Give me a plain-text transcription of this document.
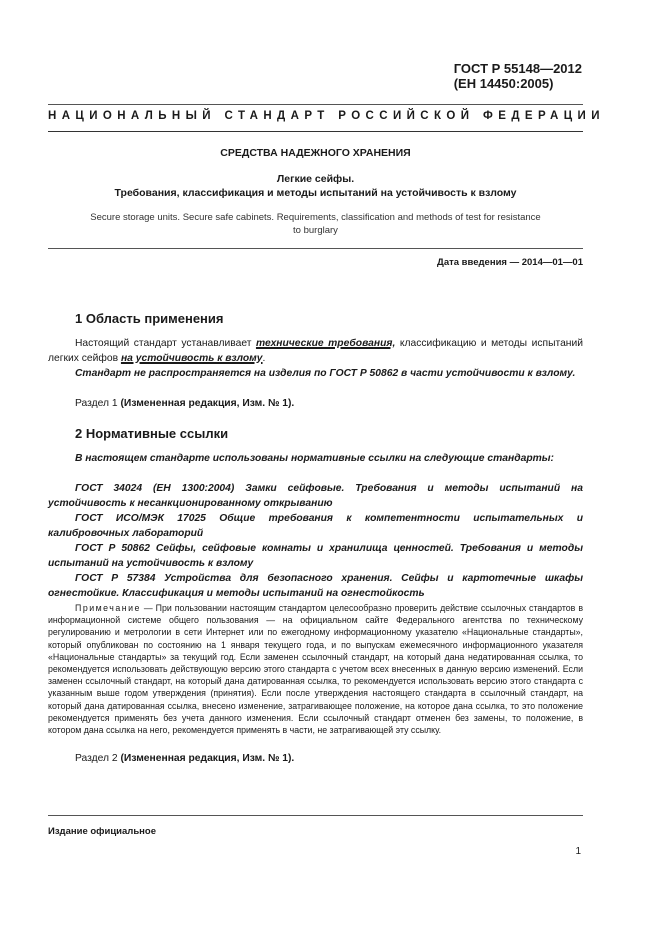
ГОСТ Р 55148—2012
(ЕН 14450:2005)
НАЦИОНАЛЬНЫЙ СТАНДАРТ РОССИЙСКОЙ ФЕДЕРАЦИИ
СРЕДСТВА НАДЕЖНОГО ХРАНЕНИЯ
Легкие сейфы.
Требования, классификация и методы испытаний на устойчивость к взлому
Secure storage units. Secure safe cabinets. Requirements, classification and methods of test for resistance
to burglary
Дата введения — 2014—01—01
1 Область применения
Настоящий стандарт устанавливает технические требования, классификацию и методы испытаний легких сейфов на устойчивость к взлому.
Стандарт не распространяется на изделия по ГОСТ Р 50862 в части устойчивости к взлому.
Раздел 1 (Измененная редакция, Изм. № 1).
2 Нормативные ссылки
В настоящем стандарте использованы нормативные ссылки на следующие стандарты:
ГОСТ 34024 (ЕН 1300:2004) Замки сейфовые. Требования и методы испытаний на устойчивость к несанкционированному открыванию
ГОСТ ИСО/МЭК 17025 Общие требования к компетентности испытательных и калибровочных лабораторий
ГОСТ Р 50862 Сейфы, сейфовые комнаты и хранилища ценностей. Требования и методы испытаний на устойчивость к взлому
ГОСТ Р 57384 Устройства для безопасного хранения. Сейфы и картотечные шкафы огнестойкие. Классификация и методы испытаний на огнестойкость
Примечание — При пользовании настоящим стандартом целесообразно проверить действие ссылочных стандартов в информационной системе общего пользования — на официальном сайте Федерального агентства по техническому регулированию и метрологии в сети Интернет или по ежегодному информационному указателю «Национальные стандарты», который опубликован по состоянию на 1 января текущего года, и по выпускам ежемесячного информационного указателя «Национальные стандарты» за текущий год. Если заменен ссылочный стандарт, на который дана недатированная ссылка, то рекомендуется использовать действующую версию этого стандарта с учетом всех внесенных в данную версию изменений. Если заменен ссылочный стандарт, на который дана датированная ссылка, то рекомендуется использовать версию этого стандарта с указанным выше годом утверждения (принятия). Если после утверждения настоящего стандарта в ссылочный стандарт, на который дана датированная ссылка, внесено изменение, затрагивающее положение, на которое дана ссылка, то это положение рекомендуется применять без учета данного изменения. Если ссылочный стандарт отменен без замены, то положение, в котором дана ссылка на него, рекомендуется применять в части, не затрагивающей эту ссылку.
Раздел 2 (Измененная редакция, Изм. № 1).
Издание официальное
1
